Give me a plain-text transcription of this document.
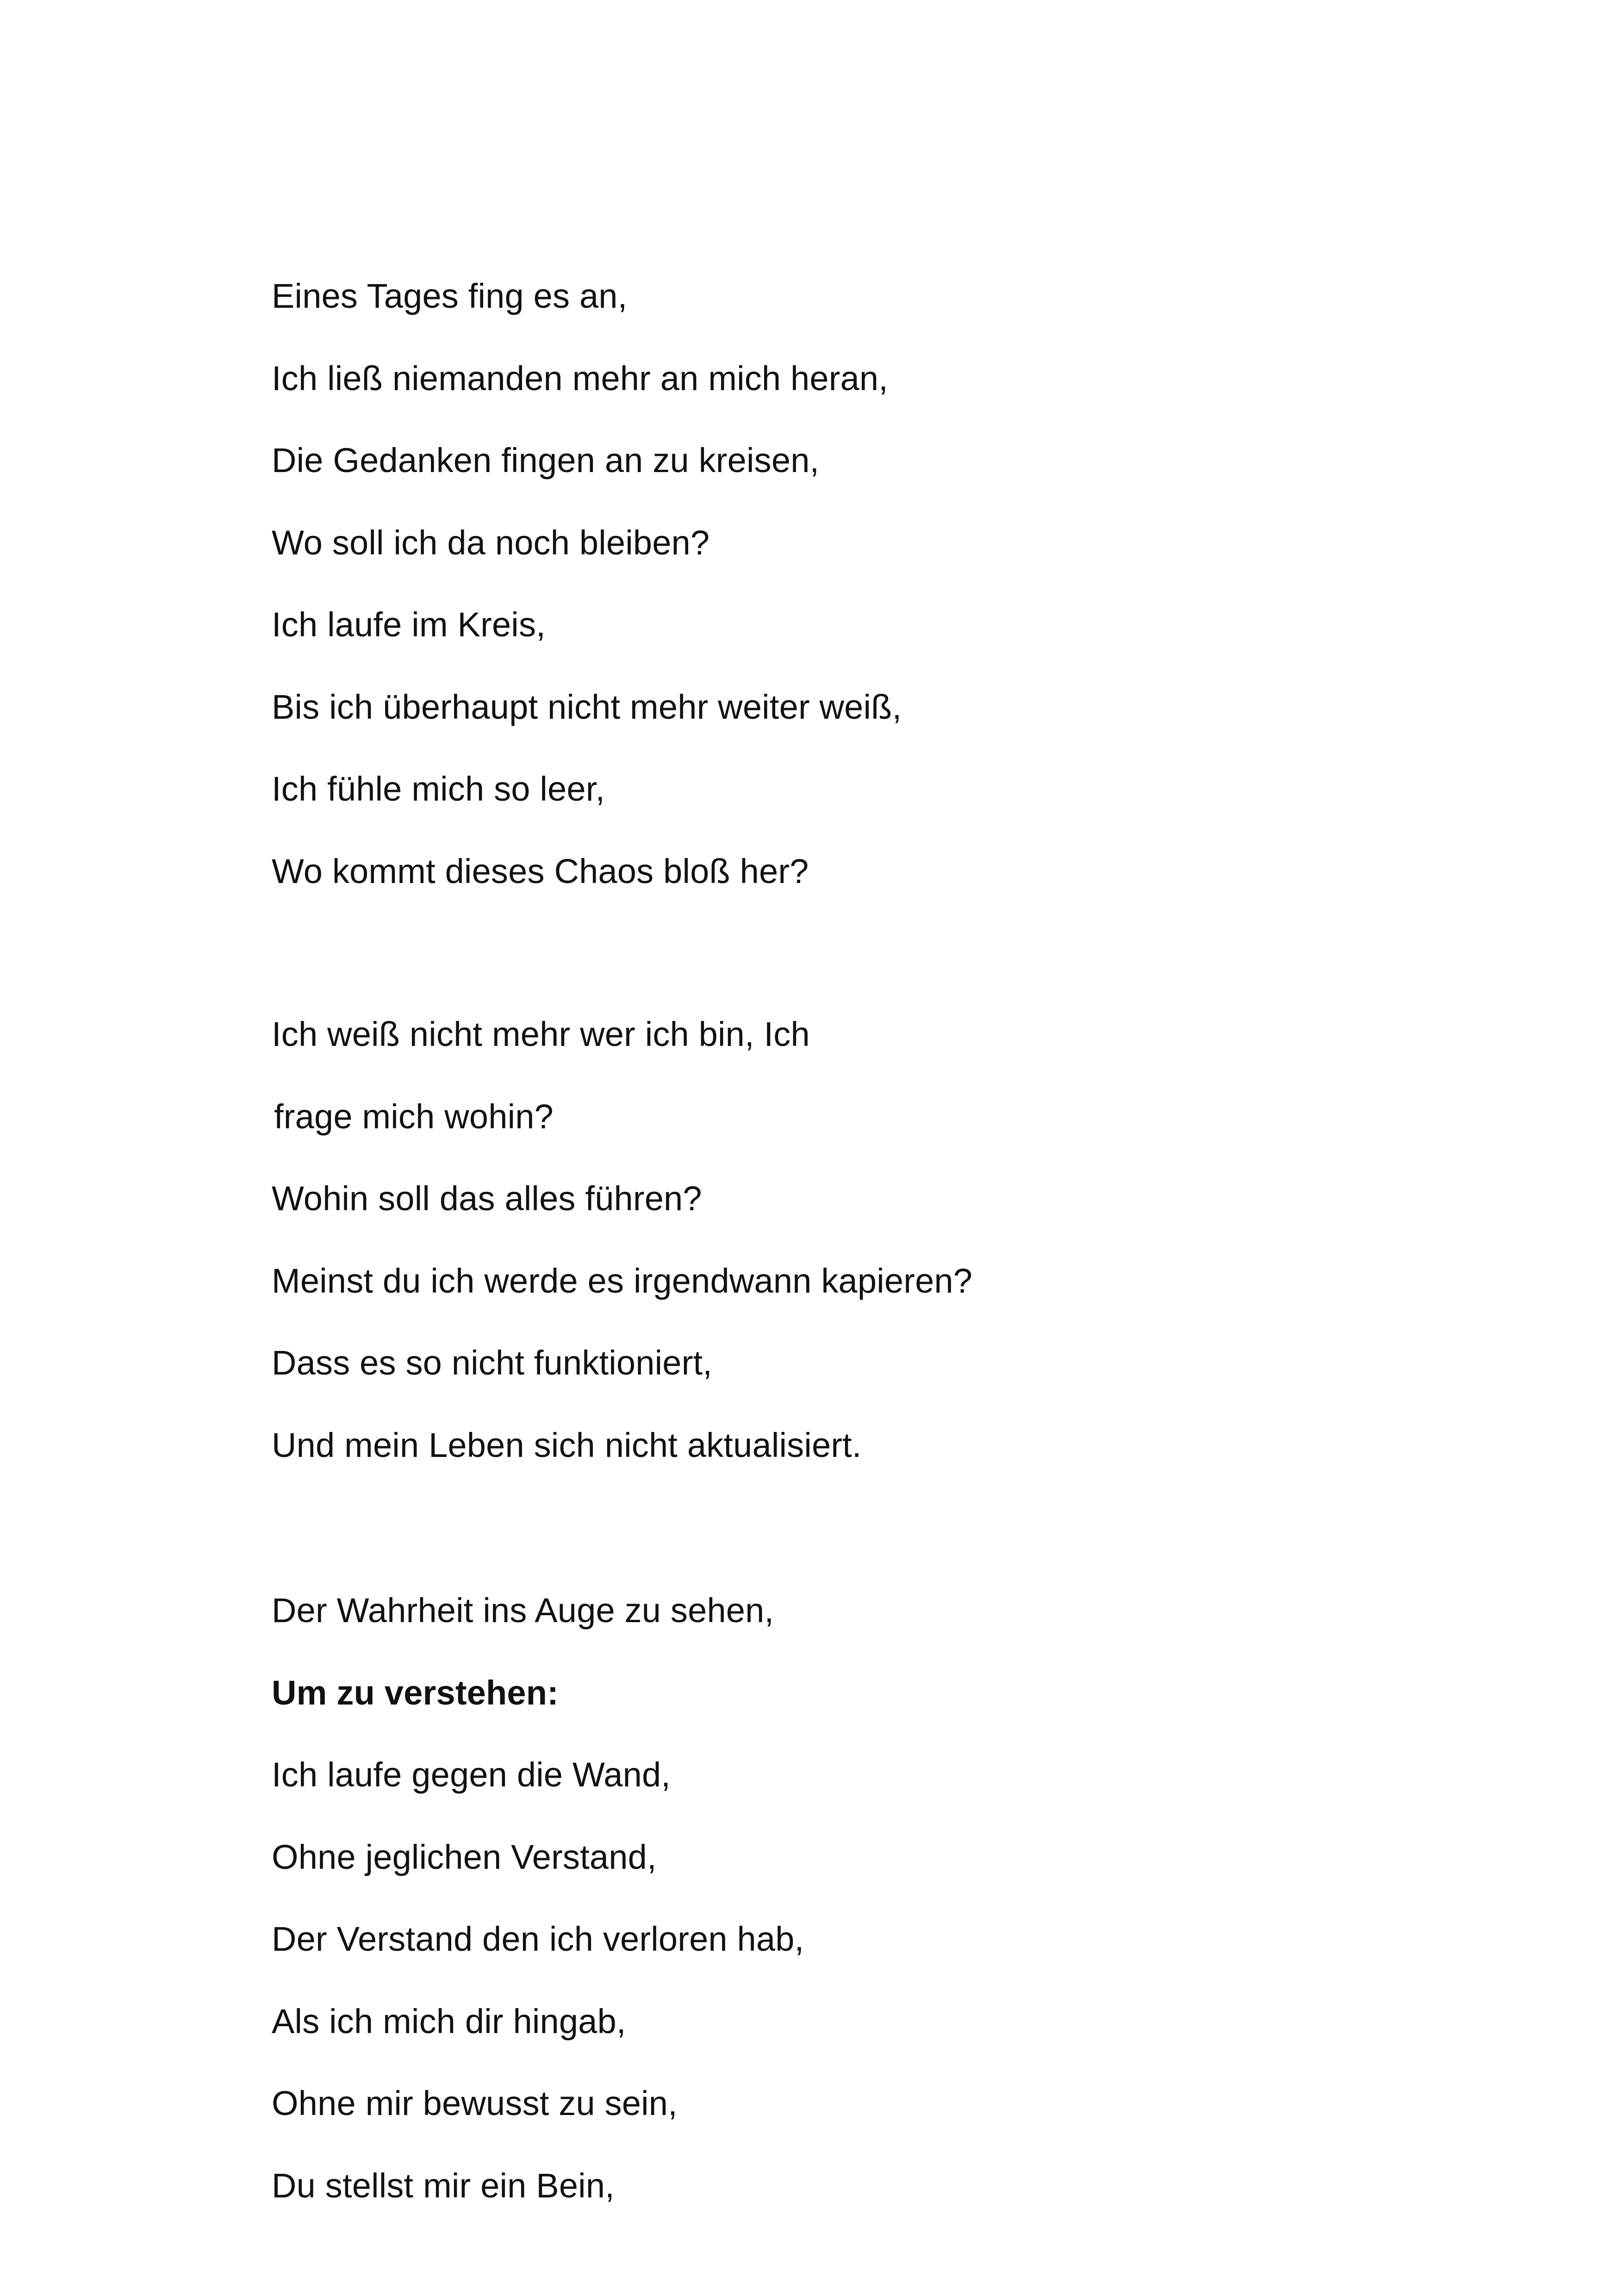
Eines Tages fing es an,
Ich ließ niemanden mehr an mich heran,
Die Gedanken fingen an zu kreisen,
Wo soll ich da noch bleiben?
Ich laufe im Kreis,
Bis ich überhaupt nicht mehr weiter weiß,
Ich fühle mich so leer,
Wo kommt dieses Chaos bloß her?
Ich weiß nicht mehr wer ich bin, Ich
frage mich wohin?
Wohin soll das alles führen?
Meinst du ich werde es irgendwann kapieren?
Dass es so nicht funktioniert,
Und mein Leben sich nicht aktualisiert.
Der Wahrheit ins Auge zu sehen,
Um zu verstehen:
Ich laufe gegen die Wand,
Ohne jeglichen Verstand,
Der Verstand den ich verloren hab,
Als ich mich dir hingab,
Ohne mir bewusst zu sein,
Du stellst mir ein Bein,
